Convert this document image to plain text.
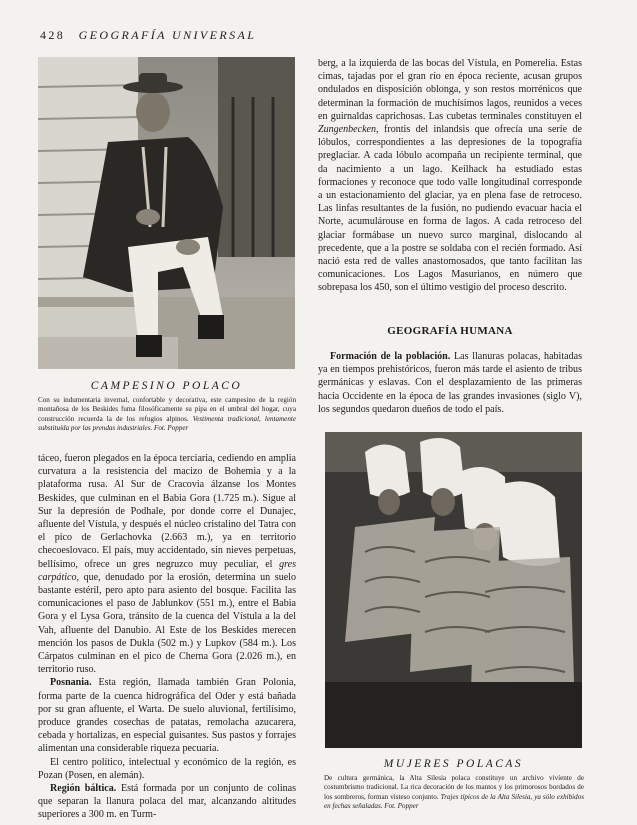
428 GEOGRAFÍA UNIVERSAL
CAMPESINO POLACO
Con su indumentaria invernal, confortable y decorativa, este campesino de la región montañosa de los Beskides fuma filosóficamente su pipa en el umbral del hogar, cuya construcción recuerda la de los refugios alpinos. Vestimenta tradicional, lentamente substituída por las prendas industriales. Fot. Popper

táceo, fueron plegados en la época terciaria, cediendo en amplia curvatura a la resistencia del macizo de Bohemia y a la plataforma rusa. Al Sur de Cracovia álzanse los Montes Beskides, que culminan en el Babia Gora (1.725 m.). Sigue al Sur la depresión de Podhale, por donde corre el Dunajec, afluente del Vístula, y después el núcleo cristalino del Tatra con el pico de Gerlachovka (2.663 m.), ya en territorio checoeslovaco. El país, muy accidentado, sin nieves perpetuas, bellísimo, ofrece un gres negruzco muy peculiar, el gres carpático, que, denudado por la erosión, determina un suelo bastante estéril, pero apto para asiento del bosque. Facilita las comunicaciones el paso de Jablunkov (551 m.), entre el Babia Gora y el Lysa Gora, tránsito de la cuenca del Vístula a la del Vah, afluente del Danubio. Al Este de los Beskides merecen mención los pasos de Dukla (502 m.) y Lupkov (584 m.). Los Cárpatos culminan en el pico de Cherna Gora (2.026 m.), en territorio ruso.

Posnania. Esta región, llamada también Gran Polonia, forma parte de la cuenca hidrográfica del Oder y está bañada por su gran afluente, el Warta. De suelo aluvional, fertilísimo, produce grandes cosechas de patatas, remolacha azucarera, cebada y hortalizas, en especial guisantes. Sus pastos y forrajes alimentan una considerable riqueza pecuaria.

El centro político, intelectual y económico de la región, es Pozan (Posen, en alemán).

Región báltica. Está formada por un conjunto de colinas que separan la llanura polaca del mar, alcanzando altitudes superiores a 300 m. en Turm-

berg, a la izquierda de las bocas del Vístula, en Pomerelia. Estas cimas, tajadas por el gran río en época reciente, acusan grupos ondulados en disposición oblonga, y son restos morrénicos que determinan la formación de muchísimos lagos, reunidos a veces en guirnaldas caprichosas. Las cubetas terminales constituyen el Zungenbecken, frontis del inlandsis que ofrecía una serie de lóbulos, correspondientes a las depresiones de la topografía preglaciar. A cada lóbulo acompaña un recipiente terminal, que da nacimiento a un lago. Keilhack ha estudiado estas formaciones y reconoce que todo valle longitudinal corresponde a un estacionamiento del glaciar, ya en plena fase de retroceso. Las linfas resultantes de la fusión, no pudiendo evacuar hacia el Norte, acumulárouse en forma de lagos. A cada retroceso del glaciar formábase un nuevo surco marginal, dislocando al precedente, que a la postre se soldaba con el recién formado. Así nació esta red de valles anastomosados, que tanto facilitan las comunicaciones. Los Lagos Masurianos, en número que sobrepasa los 450, son el último vestigio del proceso descrito.

GEOGRAFÍA HUMANA

Formación de la población. Las llanuras polacas, habitadas ya en tiempos prehistóricos, fueron más tarde el asiento de tribus germánicas y eslavas. Con el desplazamiento de las primeras hacia Occidente en la época de las grandes invasiones (siglo V), los segundos quedaron dueños de todo el país.

MUJERES POLACAS
De cultura germánica, la Alta Silesia polaca constituye un archivo vivíente de costumbrismo tradicional. La rica decoración de los mantos y los primorosos bordados de los sombreros, forman visteso conjunto. Trajes típicos de la Alta Silesia, ya sólo exhibidos en fechas señaladas. Fot. Popper
